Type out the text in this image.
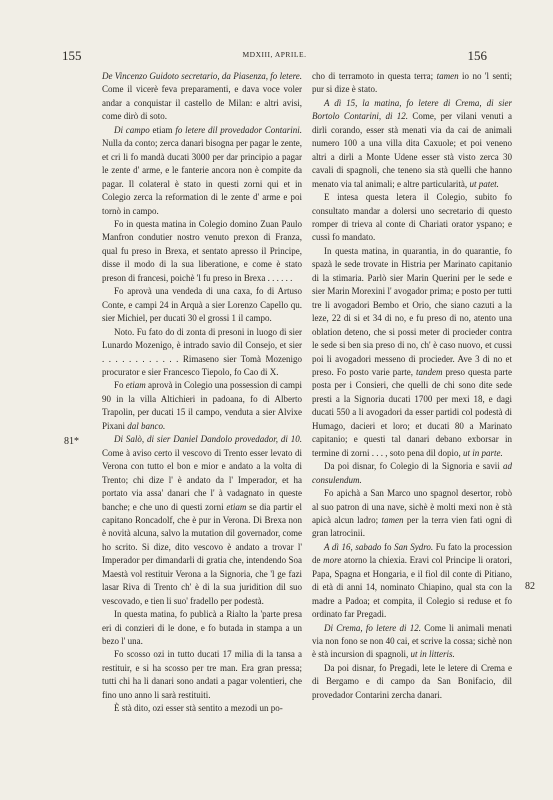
155	MDXIII, APRILE.	156
81*
82

De Vincenzo Guidoto secretario, da Piasenza, fo letere. Come il vicerè feva preparamenti, e dava voce voler andar a conquistar il castello de Milan: e altri avisi, come dirò di soto.

Di campo etiam fo letere dil provedador Contarini. Nulla da conto; zerca danari bisogna per pagar le zente, et cri li fo mandà ducati 3000 per dar principio a pagar le zente d' arme, e le fanterie ancora non è compite da pagar. Il colateral è stato in questi zorni qui et in Colegio zerca la reformation di le zente d' arme e poi tornò in campo.

Fo in questa matina in Colegio domino Zuan Paulo Manfron condutier nostro venuto prexon di Franza, qual fu preso in Brexa, et sentato apresso il Principe, disse il modo di la sua liberatione, e come è stato preson di francesi, poichè 'l fu preso in Brexa . . . . . .

Fo aprovà una vendeda di una caxa, fo di Artuso Conte, e campi 24 in Arquà a sier Lorenzo Capello qu. sier Michiel, per ducati 30 el grossi 1 il campo.

Noto. Fu fato do di zonta di presoni in luogo di sier Lunardo Mozenigo, è intrado savio dil Consejo, et sier . . . . . . . . . . . . Rimaseno sier Tomà Mozenigo procurator e sier Francesco Tiepolo, fo Cao di X.

Fo etiam aprovà in Colegio una possession di campi 90 in la villa Altichieri in padoana, fo di Alberto Trapolin, per ducati 15 il campo, venduta a sier Alvixe Pixani dal banco.

Di Salò, di sier Daniel Dandolo provedador, di 10. Come à aviso certo il vescovo di Trento esser levato di Verona con tutto el bon e mior e andato a la volta di Trento; chi dize l' è andato da l' Imperador, et ha portato via assa' danari che l' à vadagnato in queste banche; e che uno di questi zorni etiam se dia partir el capitano Roncadolf, che è pur in Verona. Di Brexa non è novità alcuna, salvo la mutation dil governador, come ho scrito. Si dize, dito vescovo è andato a trovar l' Imperador per dimandarli di gratia che, intendendo Soa Maestà vol restituir Verona a la Signoria, che 'l ge fazi lasar Riva di Trento ch' è di la sua juridition dil suo vescovado, e tien li suo' fradello per podestà.

In questa matina, fo publicà a Rialto la 'parte presa eri di conzieri di le done, e fo butada in stampa a un bezo l' una.

Fo scosso ozi in tutto ducati 17 milia di la tansa a restituir, e si ha scosso per tre man. Era gran pressa; tutti chi ha li danari sono andati a pagar volentieri, che fino uno anno li sarà restituiti.

È stà dito, ozi esser stà sentito a mezodi un po-

cho di terramoto in questa terra; tamen io no 'l senti; pur si dize è stato.

A dì 15, la matina, fo letere di Crema, di sier Bortolo Contarini, di 12. Come, per vilani venuti a dirli corando, esser stà menati via da cai de animali numero 100 a una villa dita Caxuole; et poi veneno altri a dirli a Monte Udene esser stà visto zerca 30 cavali di spagnoli, che teneno sia stà quelli che hanno menato via tal animali; e altre particularità, ut patet.

E intesa questa letera il Colegio, subito fo consultato mandar a dolersi uno secretario di questo romper di trieva al conte di Chariati orator yspano; e cussì fo mandato.

In questa matina, in quarantia, in do quarantie, fo spazà le sede trovate in Histria per Marinato capitanio di la stimaria. Parlò sier Marin Querini per le sede e sier Marin Morexini l' avogador prima; e posto per tutti tre li avogadori Bembo et Orio, che siano cazuti a la leze, 22 di si et 34 di no, e fu preso di no, atento una oblation deteno, che si possi meter di procieder contra le sede si ben sia preso di no, ch' è caso nuovo, et cussi poi li avogadori messeno di procieder. Ave 3 di no et preso. Fo posto varie parte, tandem preso questa parte posta per i Consieri, che quelli de chi sono dite sede presti a la Signoria ducati 1700 per mexi 18, e dagi ducati 550 a li avogadori da esser partidi col podestà di Humago, dacieri et loro; et ducati 80 a Marinato capitanio; e questi tal danari debano exborsar in termine di zorni . . . , soto pena dil dopio, ut in parte.

Da poi disnar, fo Colegio di la Signoria e savii ad consulendum.

Fo apichà a San Marco uno spagnol desertor, robò al suo patron di una nave, sichè è molti mexi non è stà apicà alcun ladro; tamen per la terra vien fati ogni dì gran latrocinii.

A dì 16, sabado fo San Sydro. Fu fato la procession de more atorno la chiexia. Eravi col Principe li oratori, Papa, Spagna et Hongaria, e il fiol dil conte di Pitiano, di età di anni 14, nominato Chiapino, qual sta con la madre a Padoa; et compita, il Colegio si reduse et fo ordinato far Pregadi.

Di Crema, fo letere di 12. Come li animali menati via non fono se non 40 cai, et scrive la cossa; sichè non è stà incursion di spagnoli, ut in litteris.

Da poi disnar, fo Pregadi, lete le letere di Crema e di Bergamo e di campo da San Bonifacio, dil provedador Contarini zercha danari.
